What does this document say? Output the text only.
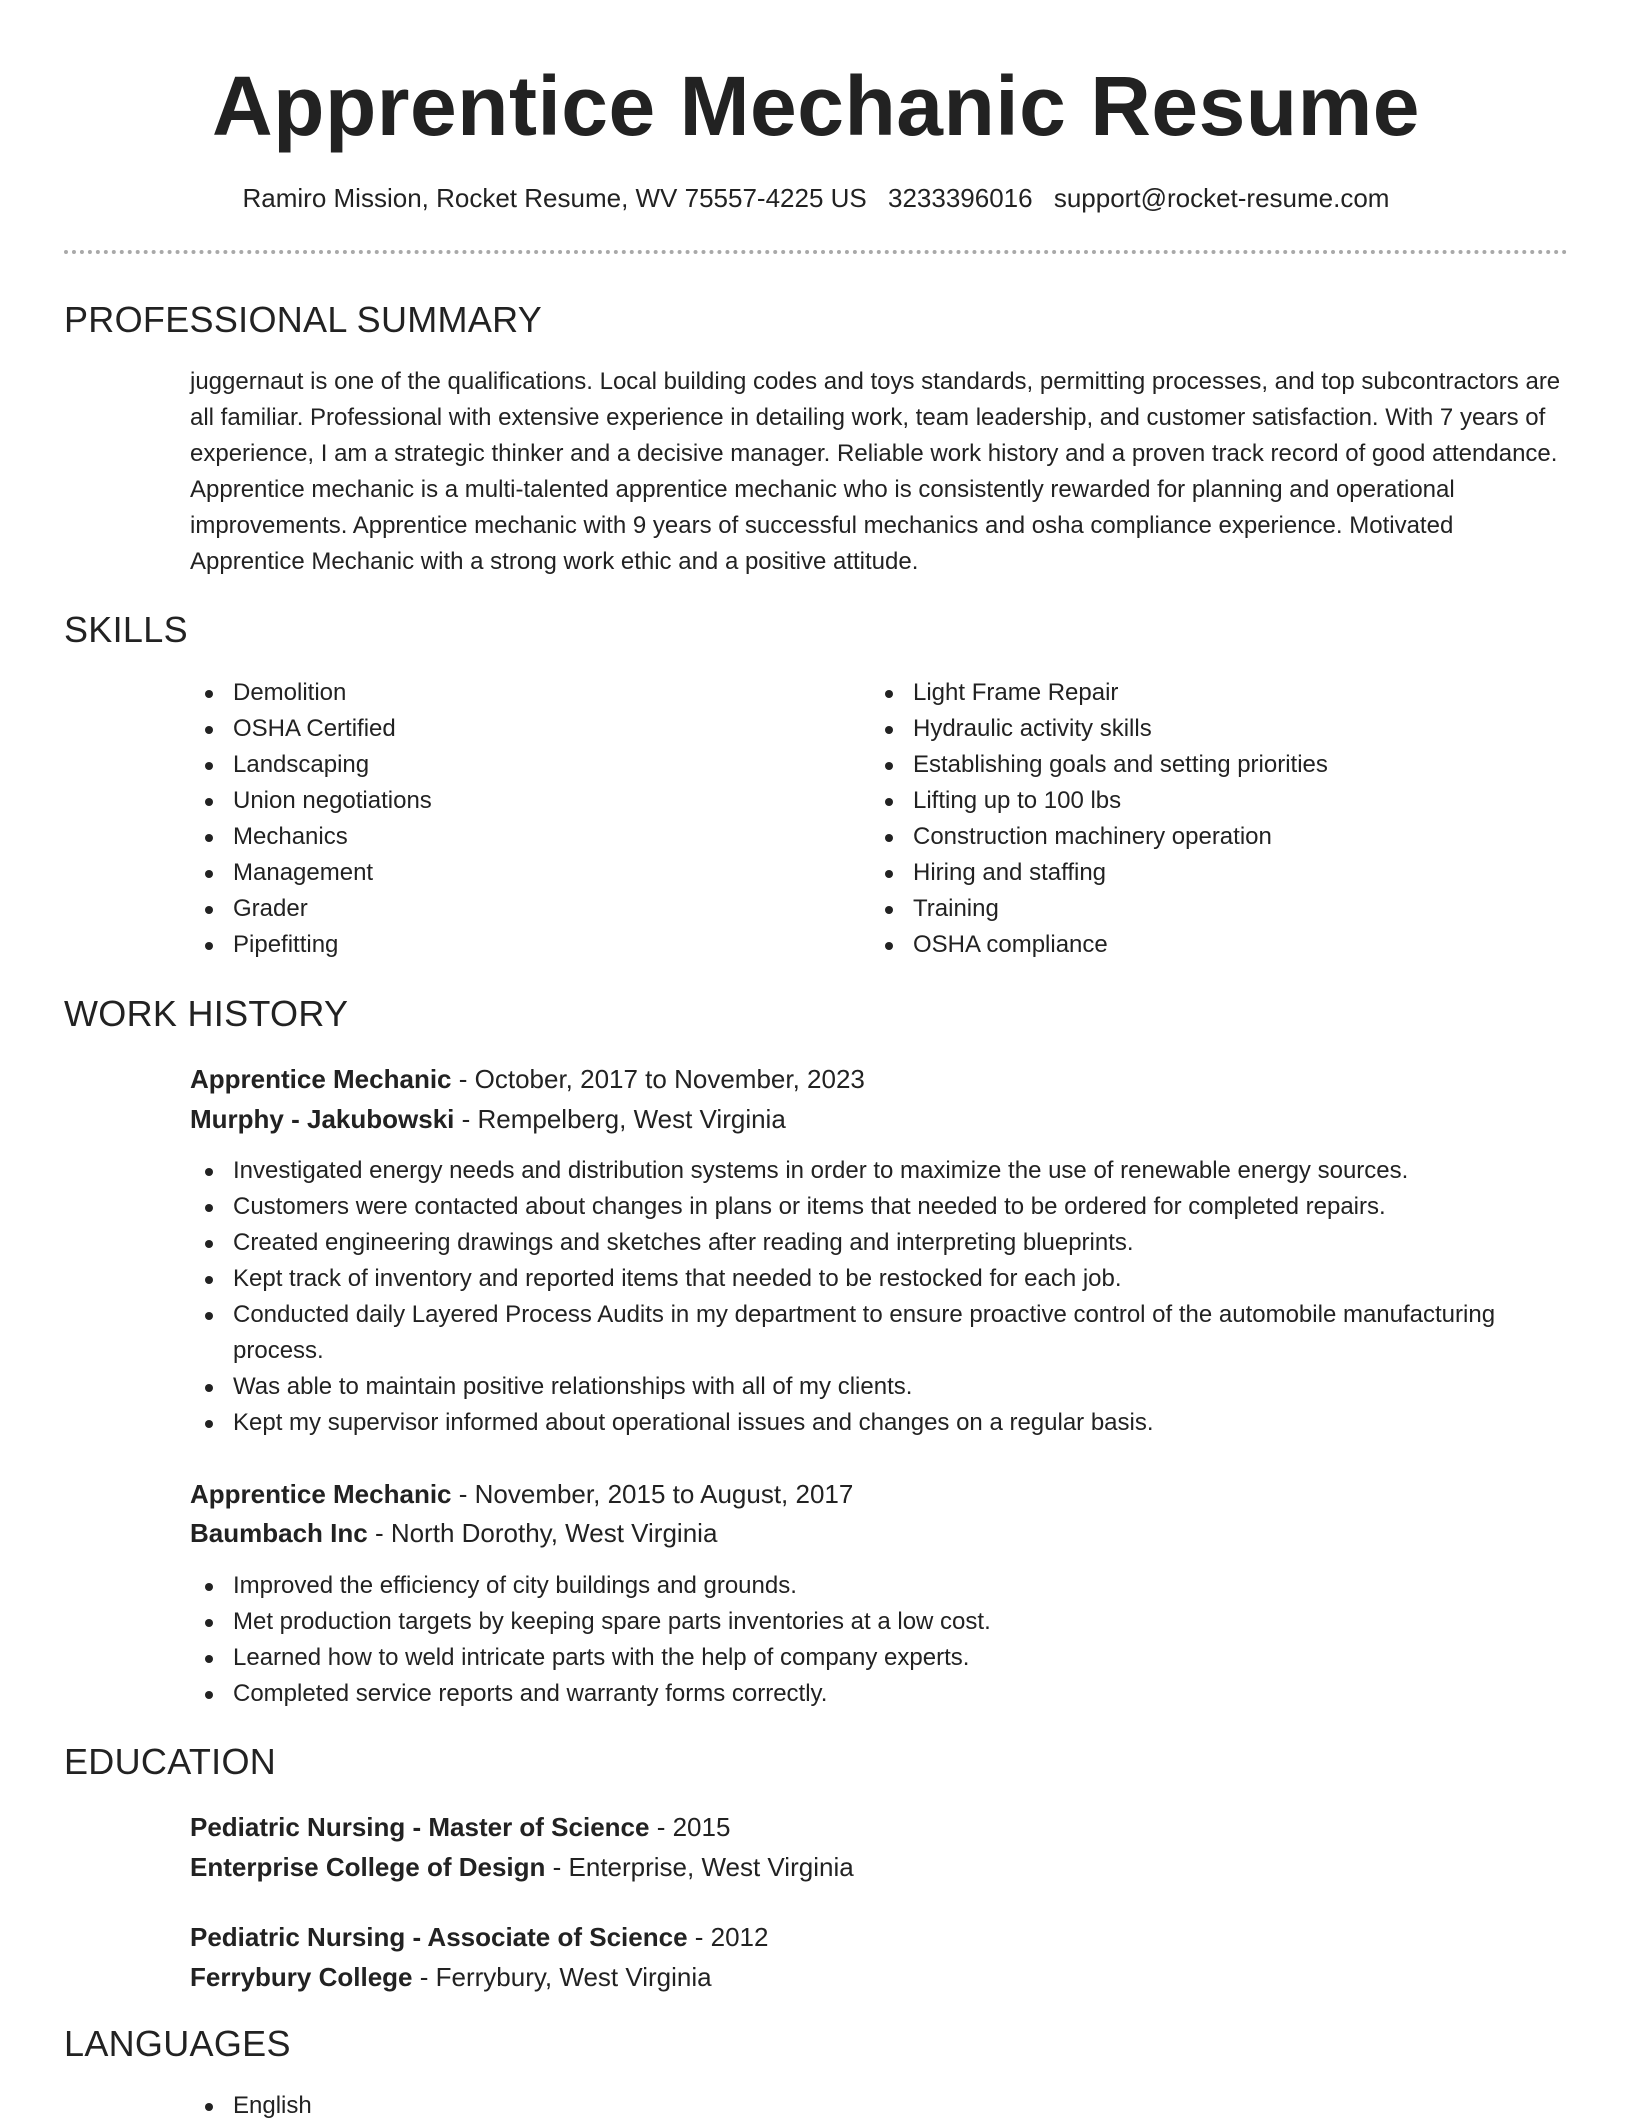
Apprentice Mechanic Resume
Ramiro Mission, Rocket Resume, WV 75557-4225 US 3233396016 support@rocket-resume.com
PROFESSIONAL SUMMARY
juggernaut is one of the qualifications. Local building codes and toys standards, permitting processes, and top subcontractors are all familiar. Professional with extensive experience in detailing work, team leadership, and customer satisfaction. With 7 years of experience, I am a strategic thinker and a decisive manager. Reliable work history and a proven track record of good attendance. Apprentice mechanic is a multi-talented apprentice mechanic who is consistently rewarded for planning and operational improvements. Apprentice mechanic with 9 years of successful mechanics and osha compliance experience. Motivated Apprentice Mechanic with a strong work ethic and a positive attitude.
SKILLS
Demolition
OSHA Certified
Landscaping
Union negotiations
Mechanics
Management
Grader
Pipefitting
Light Frame Repair
Hydraulic activity skills
Establishing goals and setting priorities
Lifting up to 100 lbs
Construction machinery operation
Hiring and staffing
Training
OSHA compliance
WORK HISTORY
Apprentice Mechanic - October, 2017 to November, 2023
Murphy - Jakubowski - Rempelberg, West Virginia
Investigated energy needs and distribution systems in order to maximize the use of renewable energy sources.
Customers were contacted about changes in plans or items that needed to be ordered for completed repairs.
Created engineering drawings and sketches after reading and interpreting blueprints.
Kept track of inventory and reported items that needed to be restocked for each job.
Conducted daily Layered Process Audits in my department to ensure proactive control of the automobile manufacturing process.
Was able to maintain positive relationships with all of my clients.
Kept my supervisor informed about operational issues and changes on a regular basis.
Apprentice Mechanic - November, 2015 to August, 2017
Baumbach Inc - North Dorothy, West Virginia
Improved the efficiency of city buildings and grounds.
Met production targets by keeping spare parts inventories at a low cost.
Learned how to weld intricate parts with the help of company experts.
Completed service reports and warranty forms correctly.
EDUCATION
Pediatric Nursing - Master of Science - 2015
Enterprise College of Design - Enterprise, West Virginia
Pediatric Nursing - Associate of Science - 2012
Ferrybury College - Ferrybury, West Virginia
LANGUAGES
English
